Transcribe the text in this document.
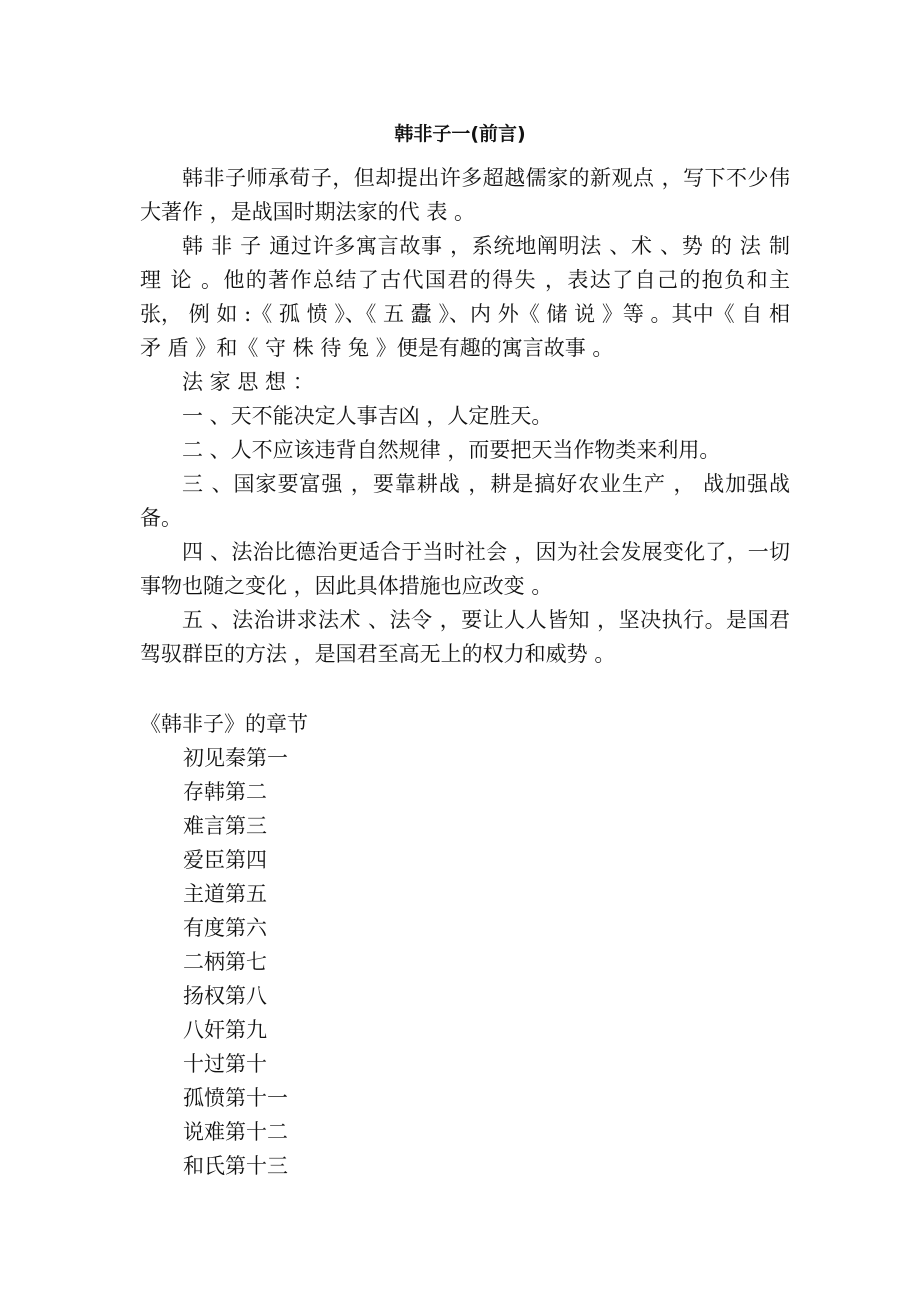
韩非子一(前言)

韩非子师承荀子，但却提出许多超越儒家的新观点 ，写下不少伟大著作 ，是战国时期法家的代 表 。

韩 非 子 通过许多寓言故事 ，系统地阐明法 、术 、势 的 法 制 理 论 。他的著作总结了古代国君的得失 ，表达了自己的抱负和主张， 例 如 :《 孤 愤 》、《 五 蠹 》、内 外《 储 说 》等 。其中《 自 相 矛 盾 》和《 守 株 待 兔 》便是有趣的寓言故事 。

法 家 思 想 ：

一 、天不能决定人事吉凶 ，人定胜天。

二 、人不应该违背自然规律 ，而要把天当作物类来利用。

三 、国家要富强 ，要靠耕战 ，耕是搞好农业生产 ， 战加强战备。

四 、法治比德治更适合于当时社会 ，因为社会发展变化了，一切事物也随之变化 ，因此具体措施也应改变 。

五 、法治讲求法术 、法令 ，要让人人皆知 ，坚决执行。是国君驾驭群臣的方法 ，是国君至高无上的权力和威势 。

《韩非子》的章节

初见秦第一
存韩第二
难言第三
爱臣第四
主道第五
有度第六
二柄第七
扬权第八
八奸第九
十过第十
孤愤第十一
说难第十二
和氏第十三
